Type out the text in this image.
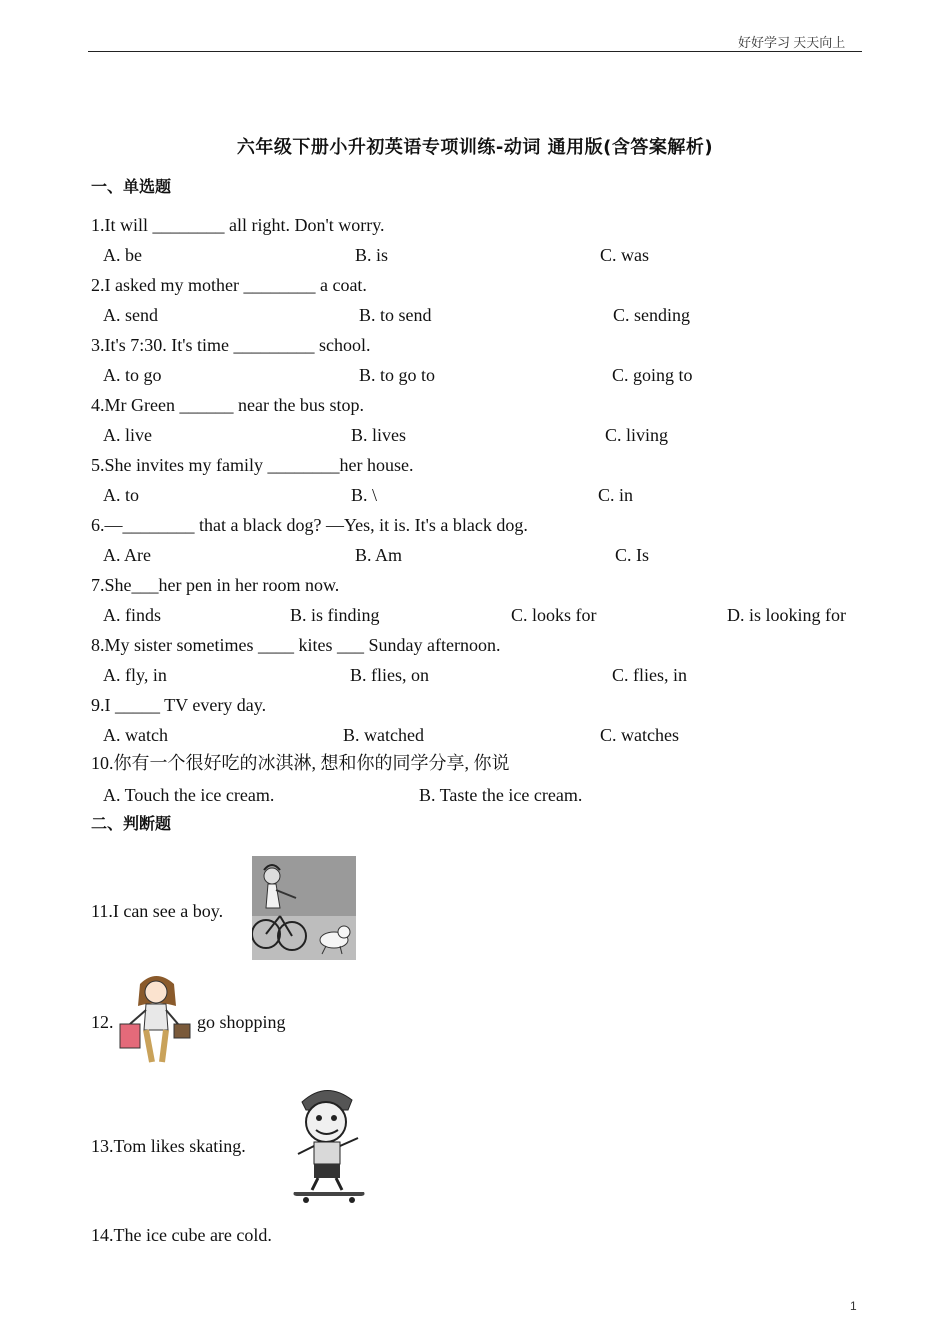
好好学习 天天向上
六年级下册小升初英语专项训练-动词 通用版(含答案解析)
一、单选题
1.It will ________ all right. Don't worry.
A. be	B. is	C. was
2.I asked my mother ________ a coat.
A. send	B. to send	C. sending
3.It's 7:30. It's time _________ school.
A. to go	B. to go to	C. going to
4.Mr Green ______ near the bus stop.
A. live	B. lives	C. living
5.She invites my family ________her house.
A. to	B. \	C. in
6.—________ that a black dog? —Yes, it is. It's a black dog.
A. Are	B. Am	C. Is
7.She___her pen in her room now.
A. finds	B. is finding	C. looks for	D. is looking for
8.My sister sometimes ____ kites ___ Sunday afternoon.
A. fly, in	B. flies, on	C. flies, in
9.I _____ TV every day.
A. watch	B. watched	C. watches
10.你有一个很好吃的冰淇淋, 想和你的同学分享, 你说
A. Touch the ice cream.	B. Taste the ice cream.
二、判断题
11.I can see a boy.
12.	go shopping
13.Tom likes skating.
14.The ice cube are cold.
1
